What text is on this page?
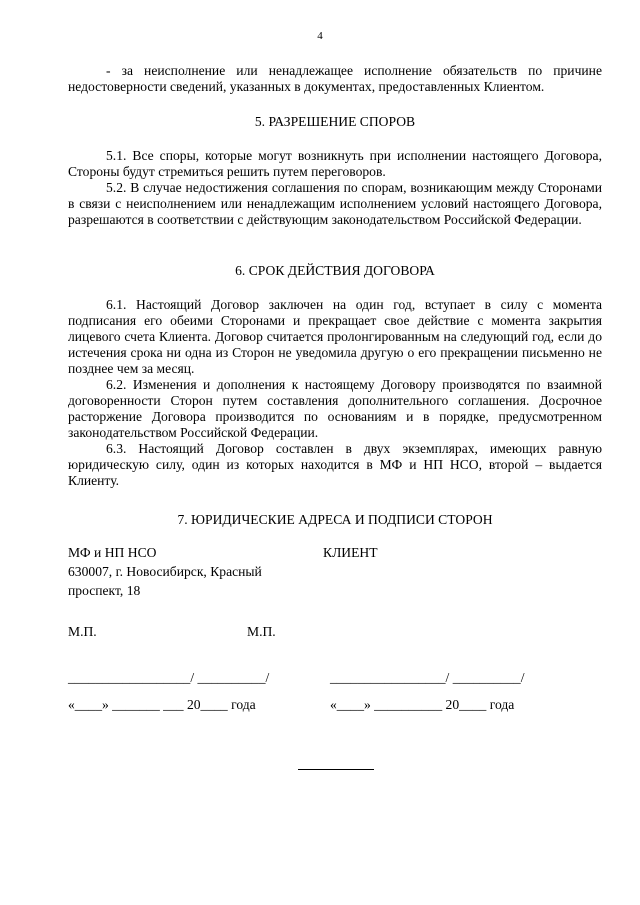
4
- за неисполнение или ненадлежащее исполнение обязательств по причине недостоверности сведений, указанных в документах, предоставленных Клиентом.
5. РАЗРЕШЕНИЕ СПОРОВ
5.1. Все споры, которые могут возникнуть при исполнении настоящего Договора, Стороны будут стремиться решить путем переговоров.
5.2. В случае недостижения соглашения по спорам, возникающим между Сторонами в связи с неисполнением или ненадлежащим исполнением условий настоящего Договора, разрешаются в соответствии с действующим законодательством Российской Федерации.
6. СРОК ДЕЙСТВИЯ ДОГОВОРА
6.1. Настоящий Договор заключен на один год, вступает в силу с момента подписания его обеими Сторонами и прекращает свое действие с момента закрытия лицевого счета Клиента. Договор считается пролонгированным на следующий год, если до истечения срока ни одна из Сторон не уведомила другую о его прекращении письменно не позднее чем за месяц.
6.2. Изменения и дополнения к настоящему Договору производятся по взаимной договоренности Сторон путем составления дополнительного соглашения. Досрочное расторжение Договора производится по основаниям и в порядке, предусмотренном законодательством Российской Федерации.
6.3. Настоящий Договор составлен в двух экземплярах, имеющих равную юридическую силу, один из которых находится в МФ и НП НСО, второй – выдается Клиенту.
7. ЮРИДИЧЕСКИЕ АДРЕСА И ПОДПИСИ СТОРОН
МФ и НП НСО	КЛИЕНТ
630007, г. Новосибирск, Красный проспект, 18
М.П.	М.П.
__________________/ __________/	_________________/ __________/
«____» _______ ___ 20____ года	«____» __________ 20____ года
